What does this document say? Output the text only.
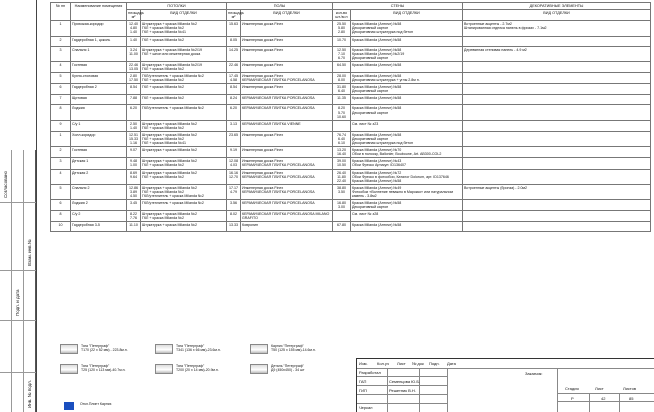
Согласовано
Взам. инв.№
Подп. и дата
Инв. № подл.
№ пп	Наименование помещения	ПОТОЛКИ		ПОЛЫ		СТЕНЫ		ДЕКОРАТИВНЫЕ ЭЛЕМЕНТЫ
		площадь м²	ВИД ОТДЕЛКИ	площадь м²	ВИД ОТДЕЛКИ	кол-во шт./м.п	ВИД ОТДЕЛКИ	ВИД ОТДЕЛКИ
1	Прихожая-коридор	12.40
4.80
1.40	Штукатурка + краска Milanda №2
ГКЛ + краска Milanda №2
ГКЛ + краска Milanda №41	15.63	Инженерная доска Finex	25.50
5.80
2.80	Краска Milanda (Античн) №58
Декоративный картон
Декоративная штукатурка под бетон	Встроенные акценты - 2.7м2
Штапированная отделка панель в фризах - 7.1м2

2	Гардеробная 1, цоколь	1.40	ГКЛ + краска Milanda №2	8.05	Инженерная доска Finex	10.70	Краска Milanda (Античн) №58	

3	Спальня 1	3.24
11.00	Штукатурка + краска Milanda №2/19
ГКЛ + шпон или инженерная доска	14.25	Инженерная доска Finex	12.50
7.10
6.70	Краска Milanda (Античн) №58
Краска Milanda (Античн) №2/19
Декоративный картон	Деревянная стеновая панель - 4.9 м2

4	Гостевая	22.46
13.05	Штукатурка + краска Milanda №2/19
ГКЛ + краска Milanda №2	22.46	Инженерная доска Finex	64.50	Краска Milanda (Античн) №58	

5	Кухня-столовая	2.80
17.50	ГКЛ/утеплитель + краска Milanda №2
ГКЛ + краска Milanda №2	17.45
4.58	Инженерная доска Finex
КЕРАМИЧЕСКАЯ ПЛИТКА PORCELANOSA	28.00
8.00	Краска Milanda (Античн) №58
Декоративная штукатурка + углы 2.8м п.	

6	Гардеробная 2	8.54	ГКЛ + краска Milanda №2	8.54	Инженерная доска Finex	31.80
6.40	Краска Milanda (Античн) №58
Декоративный картон	

7	Щитовая	7.88	ГКЛ + краска Milanda №2	8.24	КЕРАМИЧЕСКАЯ ПЛИТКА PORCELANOSA	11.35	Краска Milanda (Античн) №58	

8	Лоджия	6.20	ГКЛ/утеплитель + краска Milanda №2	6.20	КЕРАМИЧЕСКАЯ ПЛИТКА PORCELANOSA	8.20
5.70
10.60	Краска Milanda (Античн) №58
Декоративный картон	

9	С/у 1	2.50
1.40	Штукатурка + краска Milanda №2
ГКЛ + краска Milanda №2	3.13	КЕРАМИЧЕСКАЯ ПЛИТКА VIENNE		См. лист № z23	

1	Холл-коридор	12.51
15.33
1.16	Штукатурка + краска Milanda №2
ГКЛ + краска Milanda №2
ГКЛ + краска Milanda №41	23.65	Инженерная доска Finex	76.74
6.40
6.10	Краска Milanda (Античн) №58
Декоративный картон
Декоративная штукатурка под бетон	

2	Гостевая	9.07	Штукатурка + краска Milanda №2	9.19	Инженерная доска Finex	13.20
16.40	Краска Milanda (Античн) №70
Обои в полоску, Вallonier, Bouboune, Art. AB300-COL2	

3	Детская 1	9.48
1.00	Штукатурка + краска Milanda №2
ГКЛ + краска Milanda №2	12.08
4.03	Инженерная доска Finex
КЕРАМИЧЕСКАЯ ПЛИТКА PORCELANOSA	39.00
10.50	Краска Milanda (Античн) №43
Обои Фреско Артикул: ID136407	

4	Детская 2	8.69
9.64	Штукатурка + краска Milanda №2
ГКЛ + краска Milanda №2	16.16
12.70	Инженерная доска Finex
КЕРАМИЧЕСКАЯ ПЛИТКА PORCELANOSA	26.40
11.80
22.40	Краска Milanda (Античн) №72
Обои Фреско в фотообои, Каталог Dolorum, арт. ID137646
Краска Milanda (Античн) №58	

5	Спальня 2	12.86
3.89
4.50	Штукатурка + краска Milanda №2
ГКЛ + краска Milanda №2
ГКЛ/утеплитель + краска Milanda №2	17.17
4.79	Инженерная доска Finex
КЕРАМИЧЕСКАЯ ПЛИТКА PORCELANOSA	38.80
3.50	Краска Milanda (Античн) №49
Фотообои «Волнение неважно в Марокко» или натуральном камень - 3.8м2	Встроенные акценты (бронза) - 2.0м2

6	Лоджия 2	3.45	ГКЛ/утеплитель + краска Milanda №2	3.56	КЕРАМИЧЕСКАЯ ПЛИТКА PORCELANOSA	16.80
3.00	Краска Milanda (Античн) №58
Декоративный картон	

8	С/у 2	8.22
7.76	Штукатурка + краска Milanda №2
ГКЛ + краска Milanda №2	8.02	КЕРАМИЧЕСКАЯ ПЛИТКА PORCELANOSA MILANO GRAFITO		См. лист № z28	

10	Гардеробная 3-5	11.10	Штукатурка + краска Milanda №2	13.33	Ковролин	67.80	Краска Milanda (Античн) №58	

Тяга "Петерграф"
T170 (22 x 52 мм) - 223.8м.п.
Тяга "Петерграф"
T341 (136 x 66 мм)-23.6м.п.
Карниз "Петерграф"
Т50 (125 x 155 мм)-14.6м.п.
Тяга "Петерграф"
T25 (120 x 113 мм)-40.7м.п.
Тяга "Петерграф"
T200 (20 x 14 мм)-20.9м.п.
Деталь "Петерграф"
Д9 (450x450) - 34 шт
Откл.Плинт Карниз
Изм. Кол.уч Лист № док Подп. Дата
Разработал
ГАП	Семенцова Ю.Б.
ГИП	Решетник В.Н.
Черкал
Заказчик:
Стадия	Лист	Листов
Р	42	85
